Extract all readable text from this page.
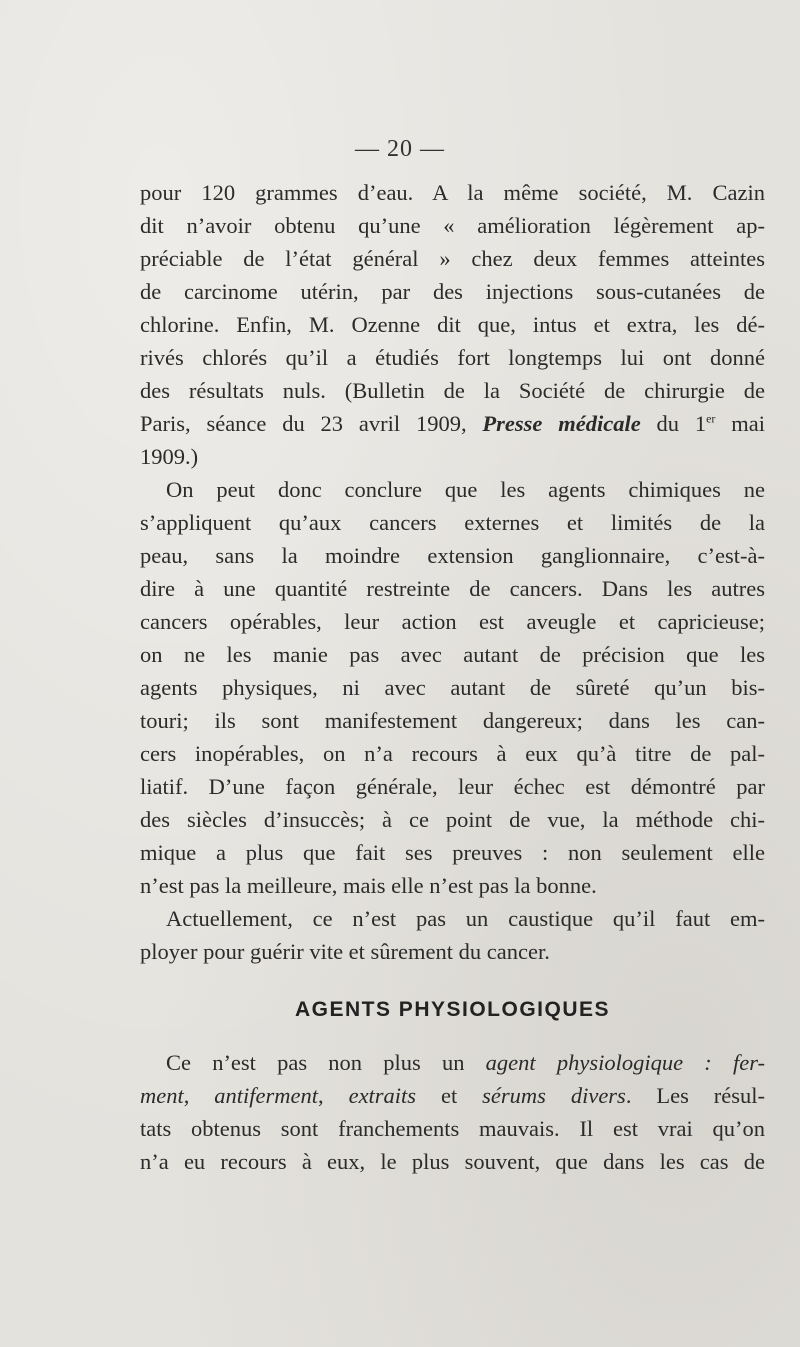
— 20 —
pour 120 grammes d’eau. A la même société, M. Cazin
dit n’avoir obtenu qu’une « amélioration légèrement ap-
préciable de l’état général » chez deux femmes atteintes
de carcinome utérin, par des injections sous-cutanées de
chlorine. Enfin, M. Ozenne dit que, intus et extra, les dé-
rivés chlorés qu’il a étudiés fort longtemps lui ont donné
des résultats nuls. (Bulletin de la Société de chirurgie de
Paris, séance du 23 avril 1909, Presse médicale du 1er mai
1909.)
On peut donc conclure que les agents chimiques ne
s’appliquent qu’aux cancers externes et limités de la
peau, sans la moindre extension ganglionnaire, c’est-à-
dire à une quantité restreinte de cancers. Dans les autres
cancers opérables, leur action est aveugle et capricieuse;
on ne les manie pas avec autant de précision que les
agents physiques, ni avec autant de sûreté qu’un bis-
touri; ils sont manifestement dangereux; dans les can-
cers inopérables, on n’a recours à eux qu’à titre de pal-
liatif. D’une façon générale, leur échec est démontré par
des siècles d’insuccès; à ce point de vue, la méthode chi-
mique a plus que fait ses preuves : non seulement elle
n’est pas la meilleure, mais elle n’est pas la bonne.
Actuellement, ce n’est pas un caustique qu’il faut em-
ployer pour guérir vite et sûrement du cancer.
AGENTS PHYSIOLOGIQUES
Ce n’est pas non plus un agent physiologique : fer-
ment, antiferment, extraits et sérums divers. Les résul-
tats obtenus sont franchements mauvais. Il est vrai qu’on
n’a eu recours à eux, le plus souvent, que dans les cas de
